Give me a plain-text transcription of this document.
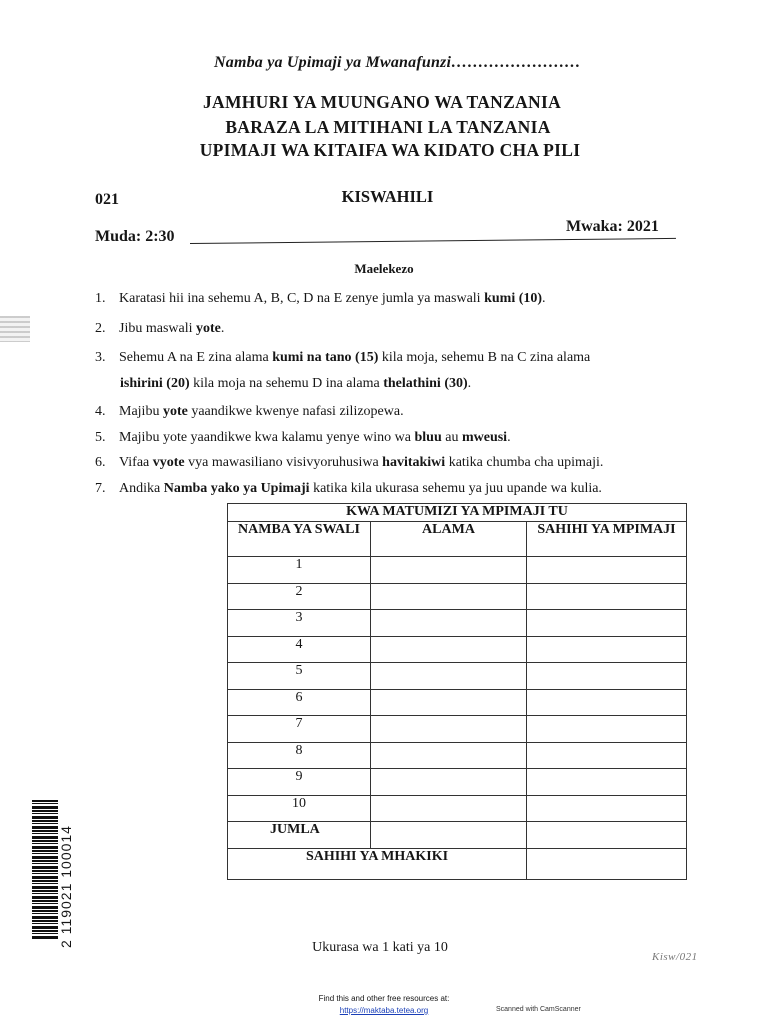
Namba ya Upimaji ya Mwanafunzi……………………
JAMHURI YA MUUNGANO WA TANZANIA
BARAZA LA MITIHANI LA TANZANIA
UPIMAJI WA KITAIFA WA KIDATO CHA PILI
021	KISWAHILI
Muda: 2:30
Mwaka: 2021
Maelekezo
1. Karatasi hii ina sehemu A, B, C, D na E zenye jumla ya maswali kumi (10).
2. Jibu maswali yote.
3. Sehemu A na E zina alama kumi na tano (15) kila moja, sehemu B na C zina alama
ishirini (20) kila moja na sehemu D ina alama thelathini (30).
4. Majibu yote yaandikwe kwenye nafasi zilizopewa.
5. Majibu yote yaandikwe kwa kalamu yenye wino wa bluu au mweusi.
6. Vifaa vyote vya mawasiliano visivyoruhusiwa havitakiwi katika chumba cha upimaji.
7. Andika Namba yako ya Upimaji katika kila ukurasa sehemu ya juu upande wa kulia.
KWA MATUMIZI YA MPIMAJI TU		
NAMBA YA SWALI	ALAMA	SAHIHI YA MPIMAJI
1		
2		
3		
4		
5		
6		
7		
8		
9		
10		
JUMLA		
SAHIHI YA MHAKIKI		
2 119021 100014	Ukurasa wa 1 kati ya 10
Kisw/021
Find this and other free resources at:
https://maktaba.tetea.org	Scanned with CamScanner
